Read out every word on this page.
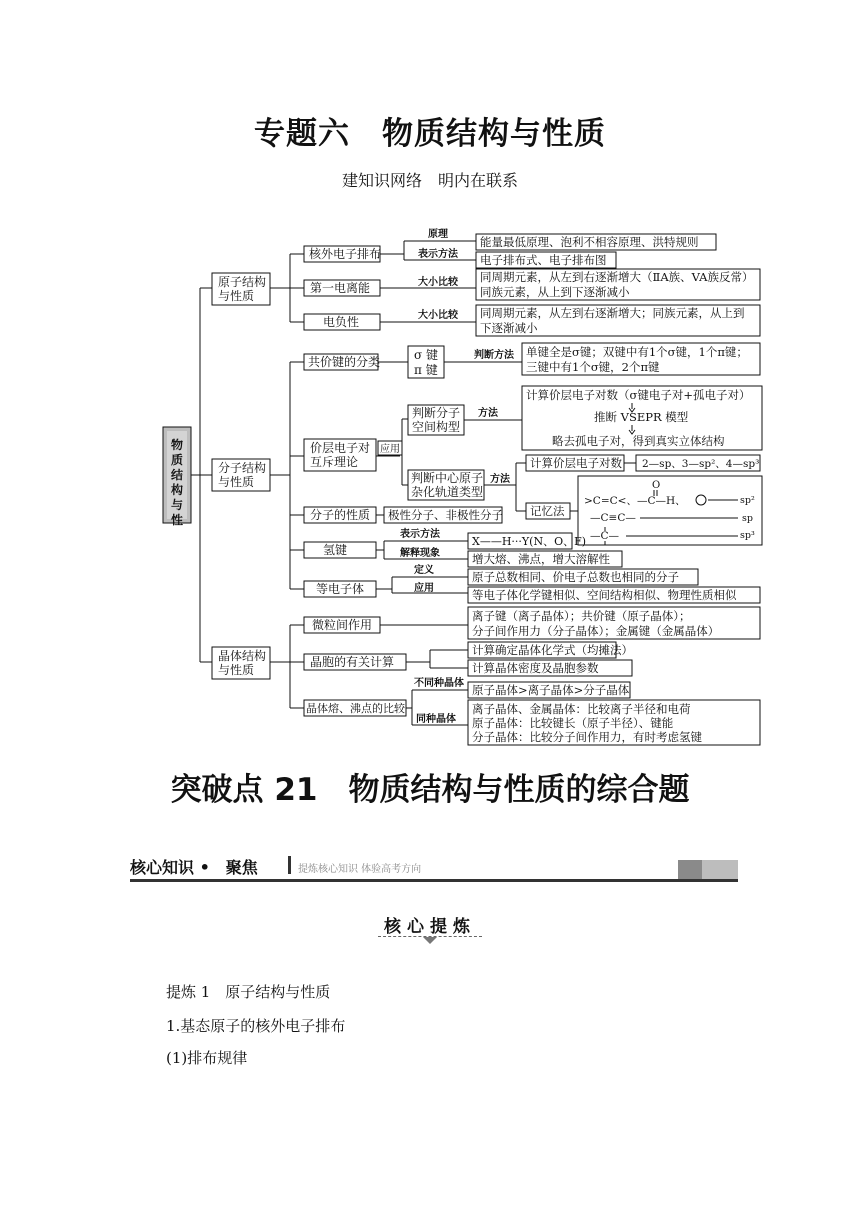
专题六　物质结构与性质
建知识网络　明内在联系
物
质
结
构
与
性
原子结构
与性质
分子结构
与性质
晶体结构
与性质
核外电子排布
原理
表示方法
能量最低原理、泡利不相容原理、洪特规则
电子排布式、电子排布图
第一电离能	大小比较 同周期元素，从左到右逐渐增大（ⅡA族、VA族反常）
同族元素，从上到下逐渐减小
电负性	大小比较 同周期元素，从左到右逐渐增大；同族元素，从上到
下逐渐减小
共价键的分类	σ 键
π 键
判断方法 单键全是σ键；双键中有1个σ键，1个π键；
三键中有1个σ键，2个π键
价层电子对
互斥理论
应用
判断分子
空间构型
方法
计算价层电子对数（σ键电子对+孤电子对）
推断 VSEPR 模型
略去孤电子对，得到真实立体结构
判断中心原子
杂化轨道类型
方法
计算价层电子对数 2—sp、3—sp²、4—sp³
记忆法
O
>C=C<、—C—H、	sp²
—C≡C—	sp
—C—	sp³
分子的性质 极性分子、非极性分子
氢键
表示方法
解释现象
X——H···Y(N、O、F)
增大熔、沸点，增大溶解性
等电子体
定义
应用
原子总数相同、价电子总数也相同的分子
等电子体化学键相似、空间结构相似、物理性质相似
微粒间作用
离子键（离子晶体）；共价键（原子晶体）；
分子间作用力（分子晶体）；金属键（金属晶体）
晶胞的有关计算
计算确定晶体化学式（均摊法）
计算晶体密度及晶胞参数
晶体熔、沸点的比较
不同种晶体
同种晶体
原子晶体>离子晶体>分子晶体
离子晶体、金属晶体：比较离子半径和电荷
原子晶体：比较键长（原子半径）、键能
分子晶体：比较分子间作用力，有时考虑氢键
突破点 21　物质结构与性质的综合题
核心知识 •　聚焦	提炼核心知识 体验高考方向
核心提炼
提炼 1　原子结构与性质
1.基态原子的核外电子排布
(1)排布规律
